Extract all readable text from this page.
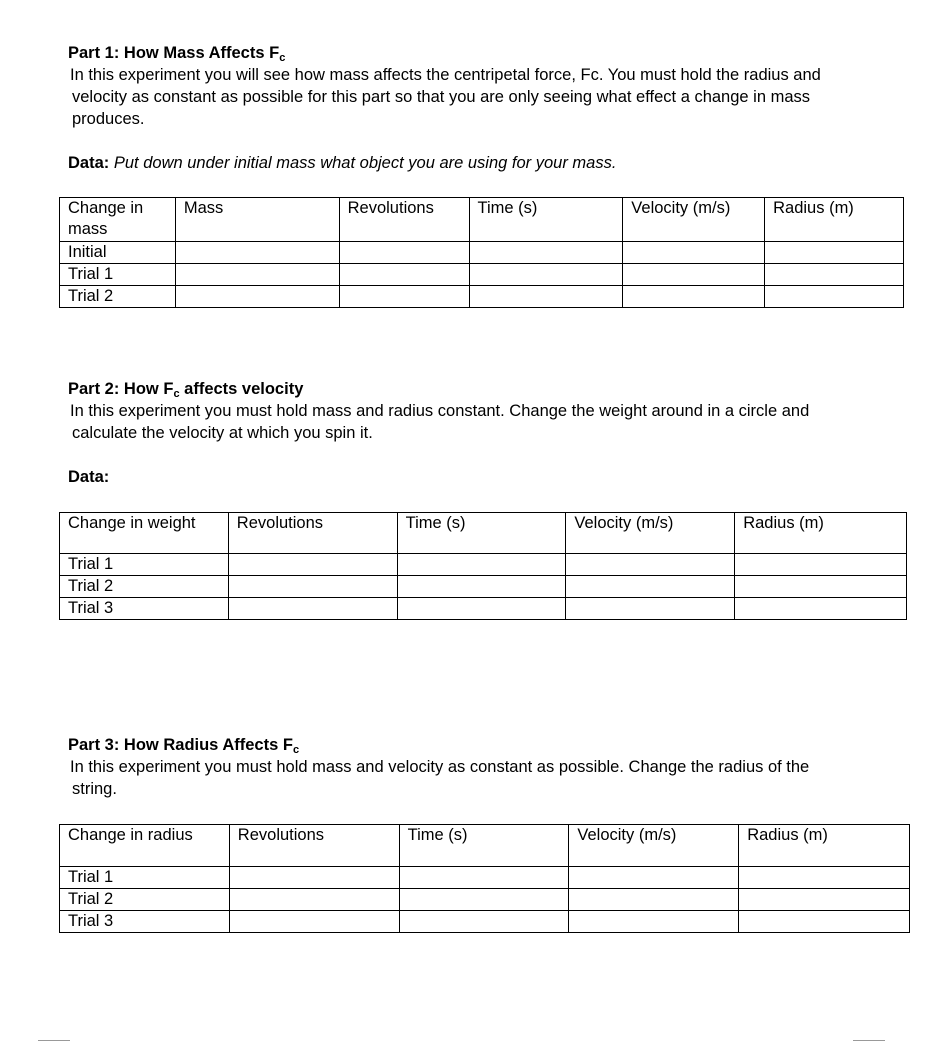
Part 1: How Mass Affects $F_c$

In this experiment you will see how mass affects the centripetal force, Fc. You must hold the radius and velocity as constant as possible for this part so that you are only seeing what effect a change in mass produces.

Data: Put down under initial mass what object you are using for your mass.

Change in mass	Mass	Revolutions	Time (s)	Velocity (m/s)	Radius (m)
Initial					
Trial 1					
Trial 2					

Part 2: How $F_c$ affects velocity

In this experiment you must hold mass and radius constant. Change the weight around in a circle and calculate the velocity at which you spin it.

Data:

Change in weight	Revolutions	Time (s)	Velocity (m/s)	Radius (m)
Trial 1				
Trial 2				
Trial 3				

Part 3: How Radius Affects $F_c$

In this experiment you must hold mass and velocity as constant as possible. Change the radius of the string.

Change in radius	Revolutions	Time (s)	Velocity (m/s)	Radius (m)
Trial 1				
Trial 2				
Trial 3				
